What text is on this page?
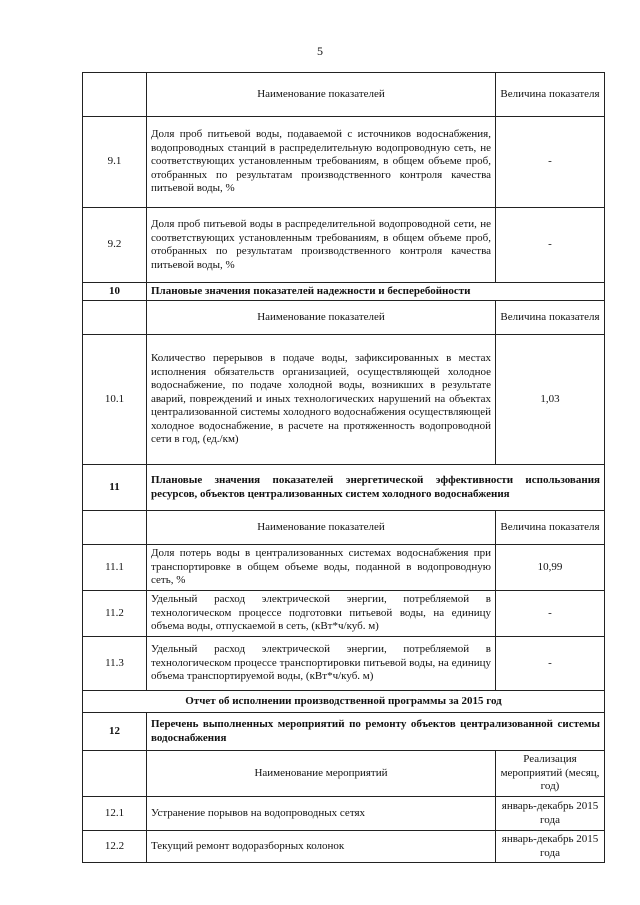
5
	Наименование показателей	Величина показателя
9.1	Доля проб питьевой воды, подаваемой с источников водоснабжения, водопроводных станций в распределительную водопроводную сеть, не соответствующих установленным требованиям, в общем объеме проб, отобранных по результатам производственного контроля качества питьевой воды, %	-
9.2	Доля проб питьевой воды в распределительной водопроводной сети, не соответствующих установленным требованиям, в общем объеме проб, отобранных по результатам производственного контроля качества питьевой воды, %	-
10	Плановые значения показателей надежности и бесперебойности	
	Наименование показателей	Величина показателя
10.1	Количество перерывов в подаче воды, зафиксированных в местах исполнения обязательств организацией, осуществляющей холодное водоснабжение, по подаче холодной воды, возникших в результате аварий, повреждений и иных технологических нарушений на объектах централизованной системы холодного водоснабжения осуществляющей холодное водоснабжение, в расчете на протяженность водопроводной сети в год, (ед./км)	1,03
11	Плановые значения показателей энергетической эффективности использования ресурсов, объектов централизованных систем холодного водоснабжения	
	Наименование показателей	Величина показателя
11.1	Доля потерь воды в централизованных системах водоснабжения при транспортировке в общем объеме воды, поданной в водопроводную сеть, %	10,99
11.2	Удельный расход электрической энергии, потребляемой в технологическом процессе подготовки питьевой воды, на единицу объема воды, отпускаемой в сеть, (кВт*ч/куб. м)	-
11.3	Удельный расход электрической энергии, потребляемой в технологическом процессе транспортировки питьевой воды, на единицу объема транспортируемой воды, (кВт*ч/куб. м)	-
Отчет об исполнении производственной программы за 2015 год		
12	Перечень выполненных мероприятий по ремонту объектов централизованной системы водоснабжения	
	Наименование мероприятий	Реализация мероприятий (месяц, год)
12.1	Устранение порывов на водопроводных сетях	январь-декабрь 2015 года
12.2	Текущий ремонт водоразборных колонок	январь-декабрь 2015 года
